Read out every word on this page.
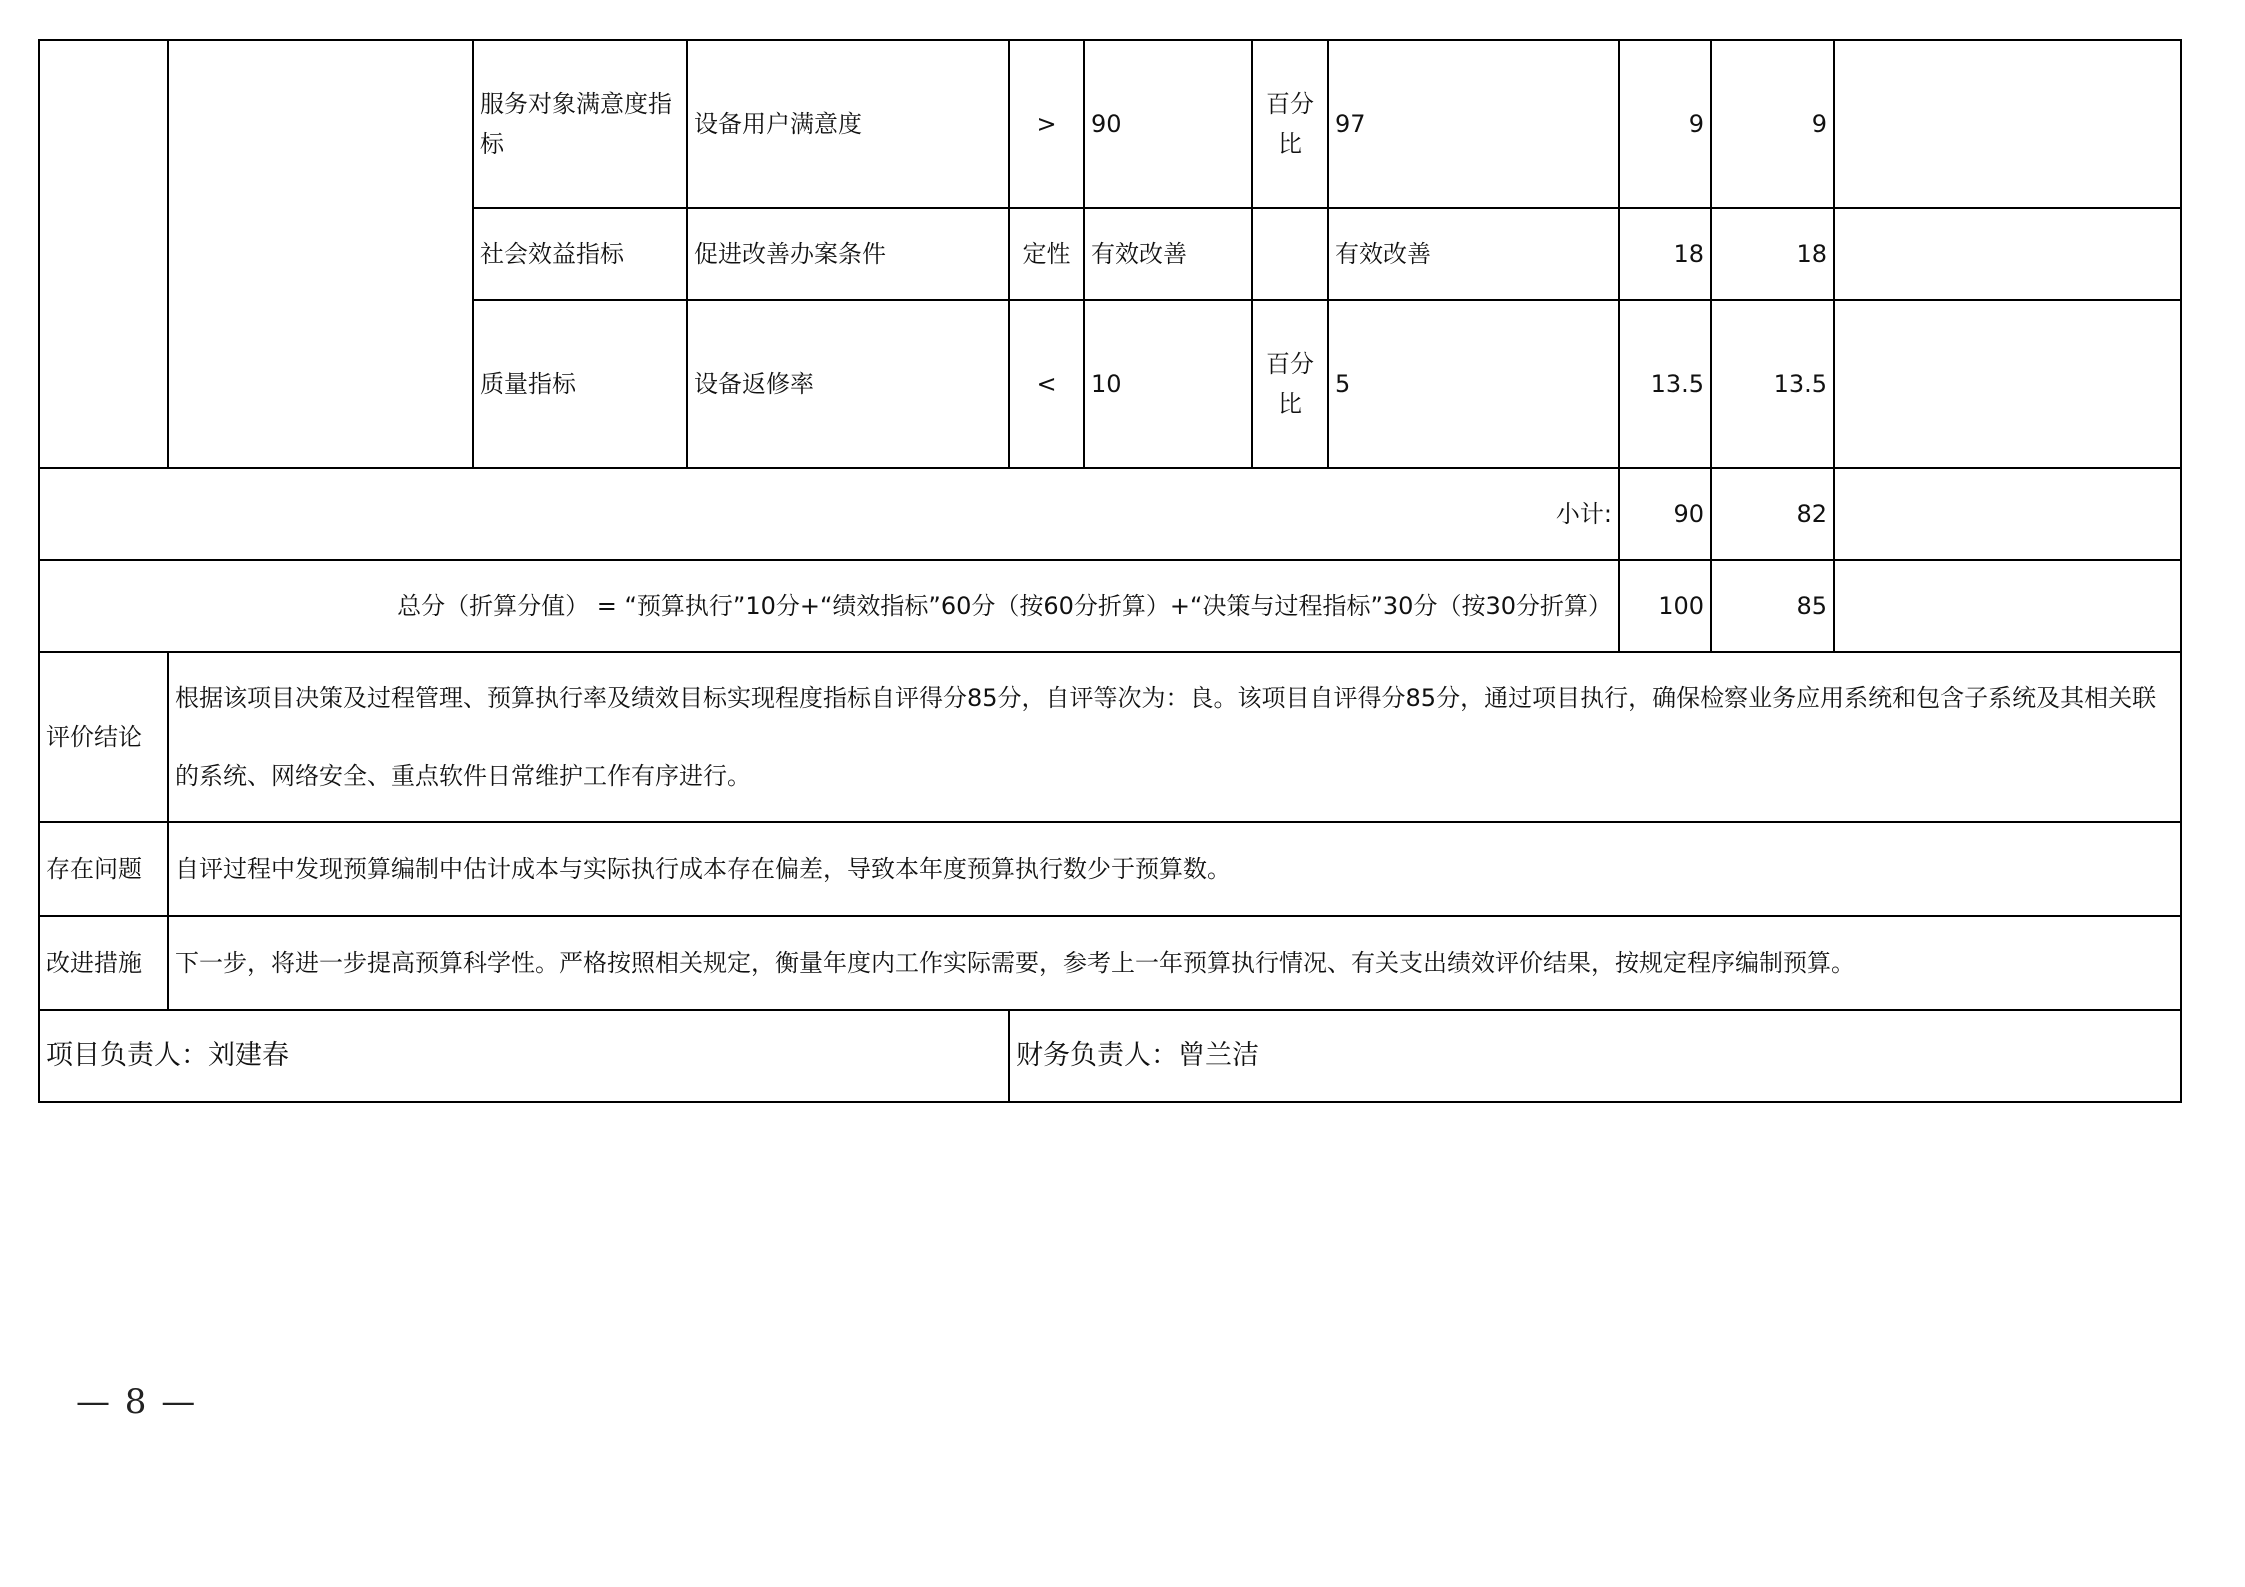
		服务对象满意度指标	设备用户满意度	>	90	百分比	97	9	9	
		社会效益指标	促进改善办案条件	定性	有效改善		有效改善	18	18	
		质量指标	设备返修率	<	10	百分比	5	13.5	13.5	
小计:								90	82	
总分（折算分值） = “预算执行”10分+“绩效指标”60分（按60分折算）+“决策与过程指标”30分（按30分折算）								100	85	
评价结论	根据该项目决策及过程管理、预算执行率及绩效目标实现程度指标自评得分85分，自评等次为：良。该项目自评得分85分，通过项目执行，确保检察业务应用系统和包含子系统及其相关联的系统、网络安全、重点软件日常维护工作有序进行。									
存在问题	自评过程中发现预算编制中估计成本与实际执行成本存在偏差，导致本年度预算执行数少于预算数。									
改进措施	下一步，将进一步提高预算科学性。严格按照相关规定，衡量年度内工作实际需要，参考上一年预算执行情况、有关支出绩效评价结果，按规定程序编制预算。									
项目负责人：刘建春				财务负责人：曾兰洁						
— 8 —
